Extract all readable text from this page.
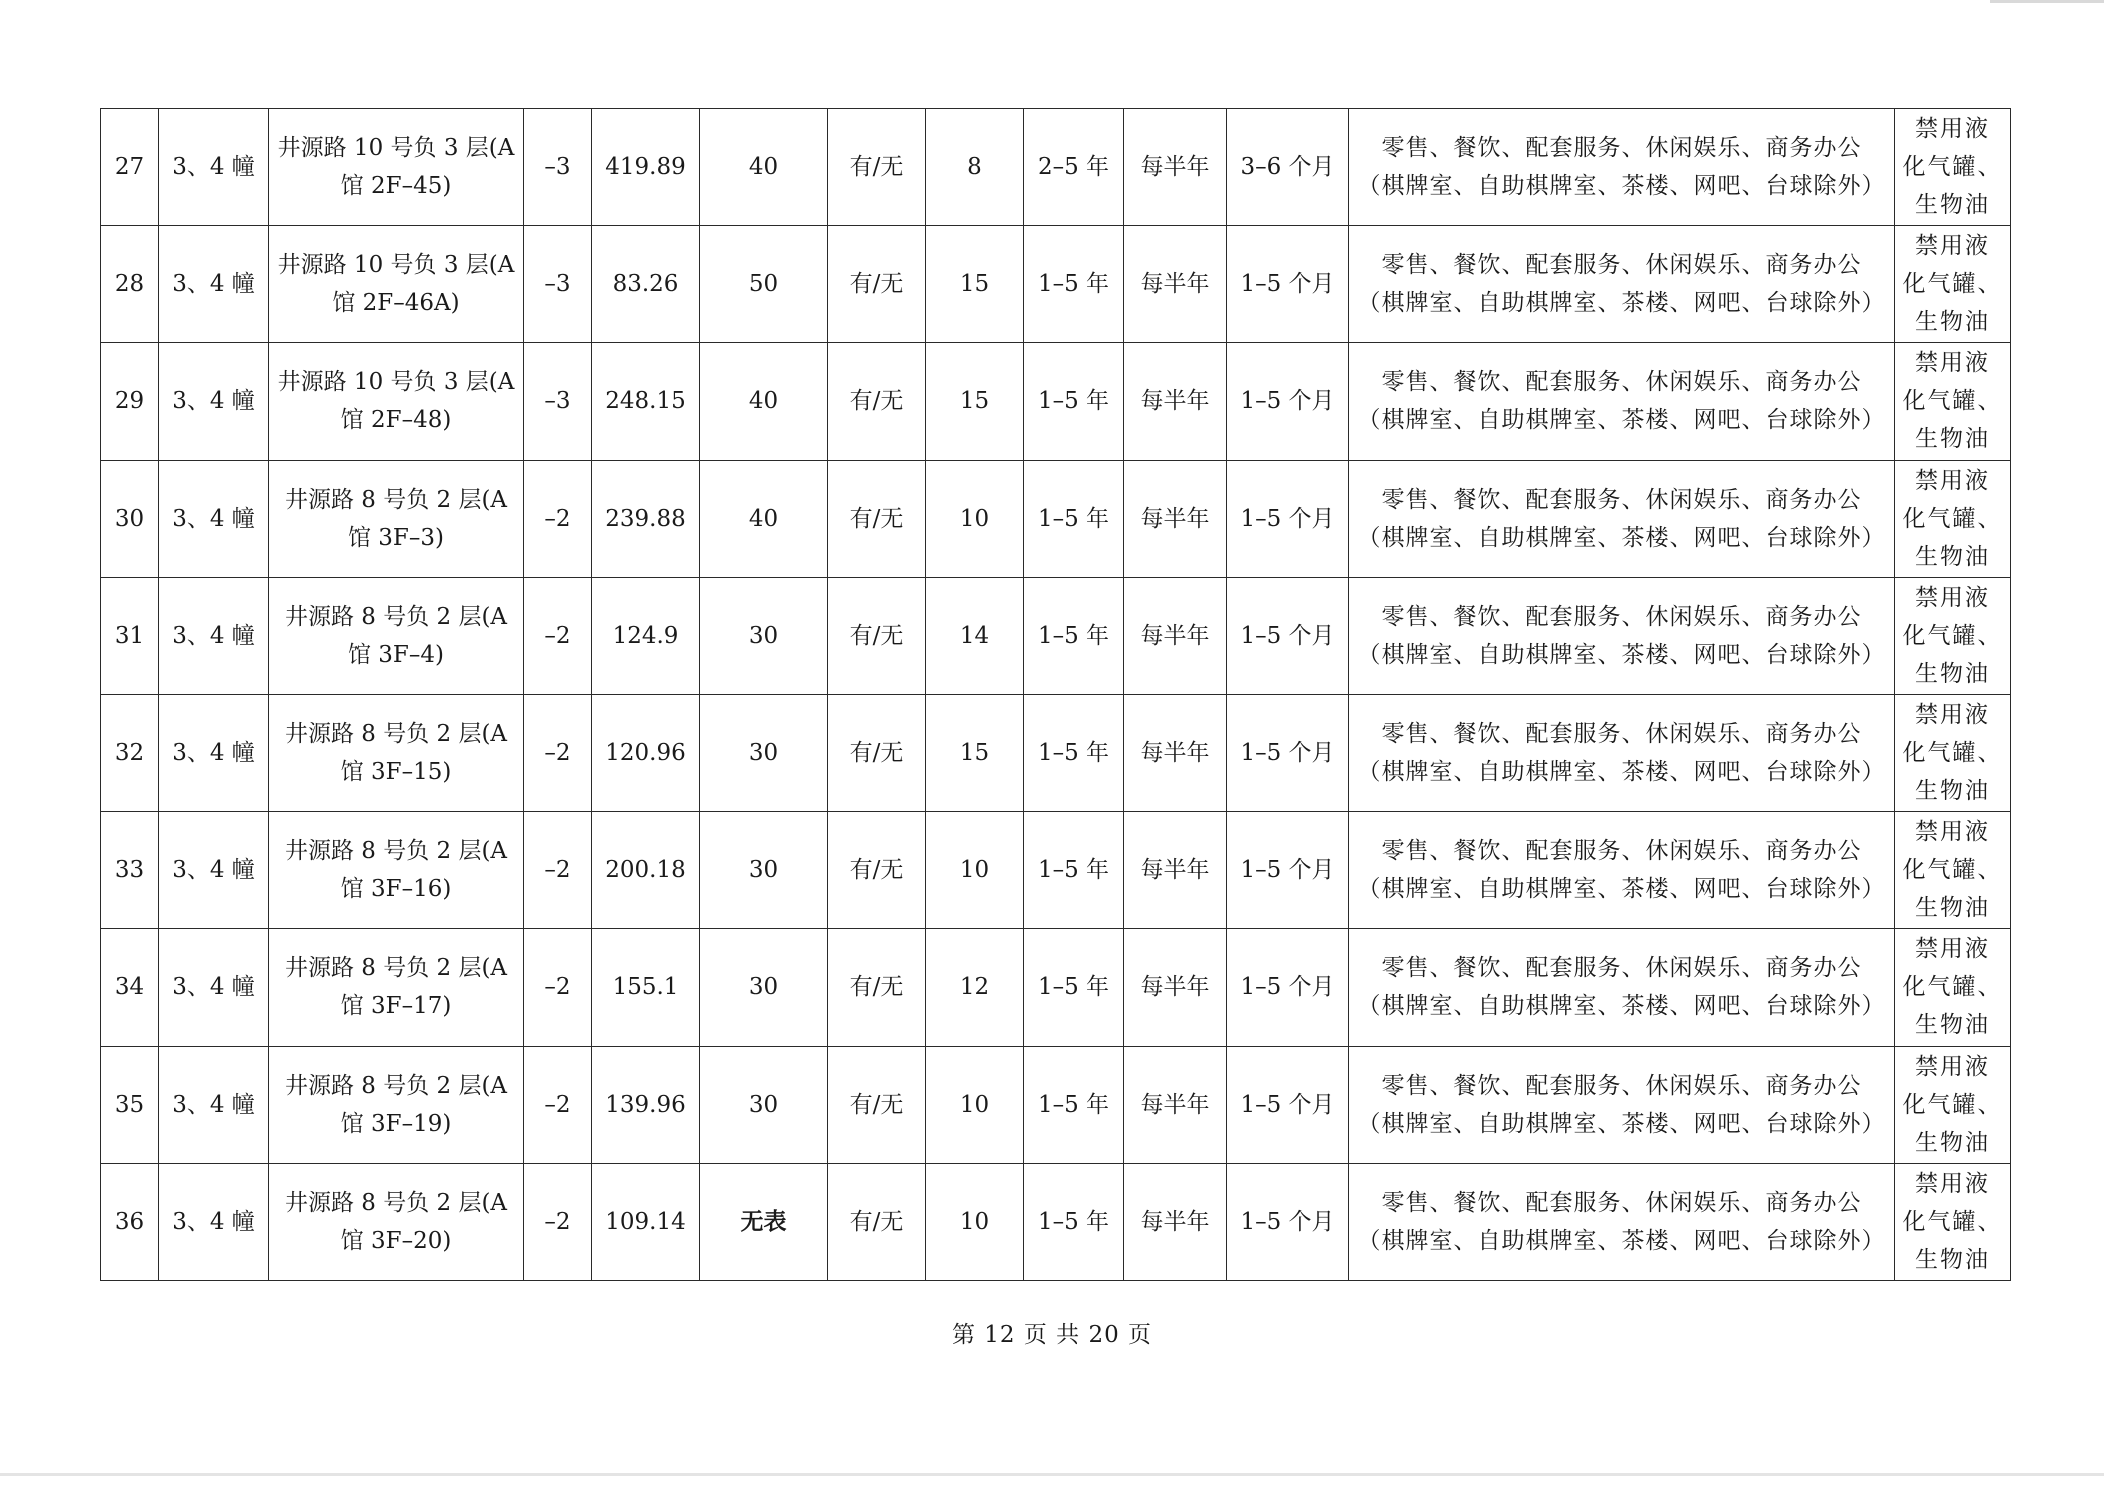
27	3、4 幢	井源路 10 号负 3 层(A
馆 2F–45)	–3	419.89	40	有/无	8	2–5 年	每半年	3–6 个月	零售、餐饮、配套服务、休闲娱乐、商务办公
（棋牌室、自助棋牌室、茶楼、网吧、台球除外）	禁用液
化气罐、
生物油
28	3、4 幢	井源路 10 号负 3 层(A
馆 2F–46A)	–3	83.26	50	有/无	15	1–5 年	每半年	1–5 个月	零售、餐饮、配套服务、休闲娱乐、商务办公
（棋牌室、自助棋牌室、茶楼、网吧、台球除外）	禁用液
化气罐、
生物油
29	3、4 幢	井源路 10 号负 3 层(A
馆 2F–48)	–3	248.15	40	有/无	15	1–5 年	每半年	1–5 个月	零售、餐饮、配套服务、休闲娱乐、商务办公
（棋牌室、自助棋牌室、茶楼、网吧、台球除外）	禁用液
化气罐、
生物油
30	3、4 幢	井源路 8 号负 2 层(A
馆 3F–3)	–2	239.88	40	有/无	10	1–5 年	每半年	1–5 个月	零售、餐饮、配套服务、休闲娱乐、商务办公
（棋牌室、自助棋牌室、茶楼、网吧、台球除外）	禁用液
化气罐、
生物油
31	3、4 幢	井源路 8 号负 2 层(A
馆 3F–4)	–2	124.9	30	有/无	14	1–5 年	每半年	1–5 个月	零售、餐饮、配套服务、休闲娱乐、商务办公
（棋牌室、自助棋牌室、茶楼、网吧、台球除外）	禁用液
化气罐、
生物油
32	3、4 幢	井源路 8 号负 2 层(A
馆 3F–15)	–2	120.96	30	有/无	15	1–5 年	每半年	1–5 个月	零售、餐饮、配套服务、休闲娱乐、商务办公
（棋牌室、自助棋牌室、茶楼、网吧、台球除外）	禁用液
化气罐、
生物油
33	3、4 幢	井源路 8 号负 2 层(A
馆 3F–16)	–2	200.18	30	有/无	10	1–5 年	每半年	1–5 个月	零售、餐饮、配套服务、休闲娱乐、商务办公
（棋牌室、自助棋牌室、茶楼、网吧、台球除外）	禁用液
化气罐、
生物油
34	3、4 幢	井源路 8 号负 2 层(A
馆 3F–17)	–2	155.1	30	有/无	12	1–5 年	每半年	1–5 个月	零售、餐饮、配套服务、休闲娱乐、商务办公
（棋牌室、自助棋牌室、茶楼、网吧、台球除外）	禁用液
化气罐、
生物油
35	3、4 幢	井源路 8 号负 2 层(A
馆 3F–19)	–2	139.96	30	有/无	10	1–5 年	每半年	1–5 个月	零售、餐饮、配套服务、休闲娱乐、商务办公
（棋牌室、自助棋牌室、茶楼、网吧、台球除外）	禁用液
化气罐、
生物油
36	3、4 幢	井源路 8 号负 2 层(A
馆 3F–20)	–2	109.14	无表	有/无	10	1–5 年	每半年	1–5 个月	零售、餐饮、配套服务、休闲娱乐、商务办公
（棋牌室、自助棋牌室、茶楼、网吧、台球除外）	禁用液
化气罐、
生物油
第 12 页 共 20 页
